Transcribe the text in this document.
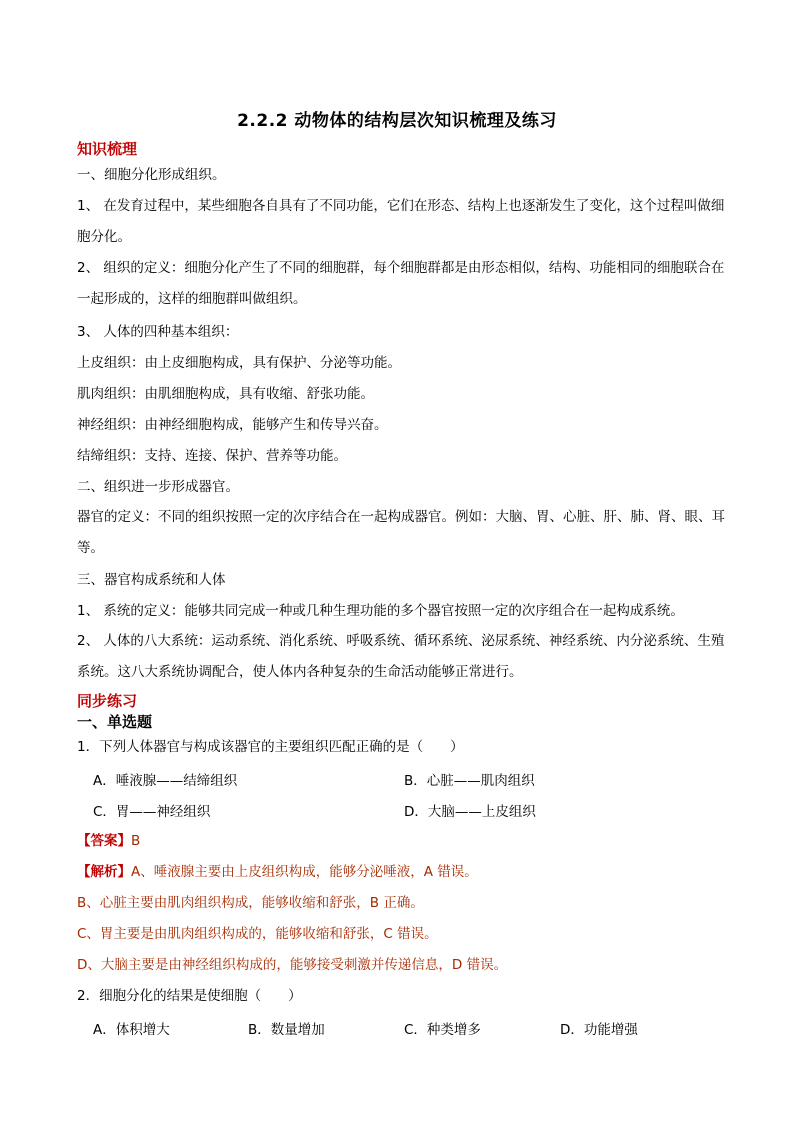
2.2.2 动物体的结构层次知识梳理及练习
知识梳理
一、细胞分化形成组织。
1、 在发育过程中，某些细胞各自具有了不同功能，它们在形态、结构上也逐渐发生了变化，这个过程叫做细胞分化。
2、 组织的定义：细胞分化产生了不同的细胞群，每个细胞群都是由形态相似，结构、功能相同的细胞联合在一起形成的，这样的细胞群叫做组织。
3、 人体的四种基本组织：
上皮组织：由上皮细胞构成，具有保护、分泌等功能。
肌肉组织：由肌细胞构成，具有收缩、舒张功能。
神经组织：由神经细胞构成，能够产生和传导兴奋。
结缔组织：支持、连接、保护、营养等功能。
二、组织进一步形成器官。
器官的定义：不同的组织按照一定的次序结合在一起构成器官。例如：大脑、胃、心脏、肝、肺、肾、眼、耳等。
三、器官构成系统和人体
1、 系统的定义：能够共同完成一种或几种生理功能的多个器官按照一定的次序组合在一起构成系统。
2、 人体的八大系统：运动系统、消化系统、呼吸系统、循环系统、泌尿系统、神经系统、内分泌系统、生殖系统。这八大系统协调配合，使人体内各种复杂的生命活动能够正常进行。
同步练习
一、单选题
1．下列人体器官与构成该器官的主要组织匹配正确的是（　　）
A．唾液腺——结缔组织	B．心脏——肌肉组织
C．胃——神经组织	D．大脑——上皮组织
【答案】B
【解析】A、唾液腺主要由上皮组织构成，能够分泌唾液，A 错误。
B、心脏主要由肌肉组织构成，能够收缩和舒张，B 正确。
C、胃主要是由肌肉组织构成的，能够收缩和舒张，C 错误。
D、大脑主要是由神经组织构成的，能够接受刺激并传递信息，D 错误。
2．细胞分化的结果是使细胞（　　）
A．体积增大	B．数量增加	C．种类增多	D．功能增强
